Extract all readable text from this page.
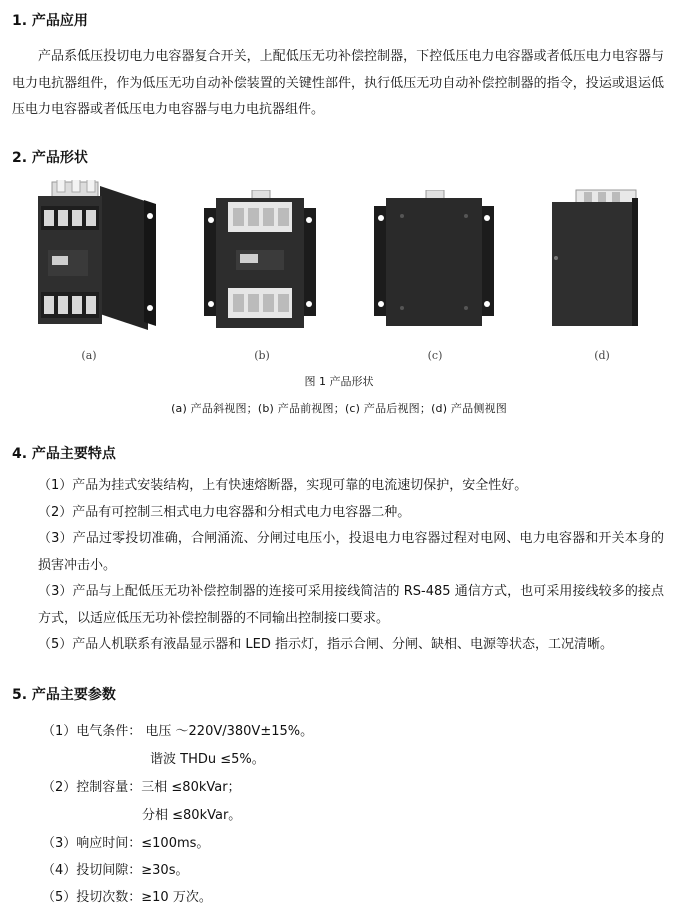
1. 产品应用
产品系低压投切电力电容器复合开关，上配低压无功补偿控制器，下控低压电力电容器或者低压电力电容器与电力电抗器组件，作为低压无功自动补偿装置的关键性部件，执行低压无功自动补偿控制器的指令，投运或退运低压电力电容器或者低压电力电容器与电力电抗器组件。
2. 产品形状
(a)	(b)	(c)	(d)
图 1 产品形状
(a) 产品斜视图；(b) 产品前视图；(c) 产品后视图；(d) 产品侧视图
4. 产品主要特点
（1）产品为挂式安装结构，上有快速熔断器，实现可靠的电流速切保护，安全性好。
（2）产品有可控制三相式电力电容器和分相式电力电容器二种。
（3）产品过零投切准确，合闸涌流、分闸过电压小，投退电力电容器过程对电网、电力电容器和开关本身的损害冲击小。
（3）产品与上配低压无功补偿控制器的连接可采用接线简洁的 RS-485 通信方式，也可采用接线较多的接点方式，以适应低压无功补偿控制器的不同输出控制接口要求。
（5）产品人机联系有液晶显示器和 LED 指示灯，指示合闸、分闸、缺相、电源等状态，工况清晰。
5. 产品主要参数
（1）电气条件： 电压 ～220V/380V±15%。
谐波 THDu ≤5%。
（2）控制容量：三相 ≤80kVar；
分相 ≤80kVar。
（3）响应时间：≤100ms。
（4）投切间隙：≥30s。
（5）投切次数：≥10 万次。
